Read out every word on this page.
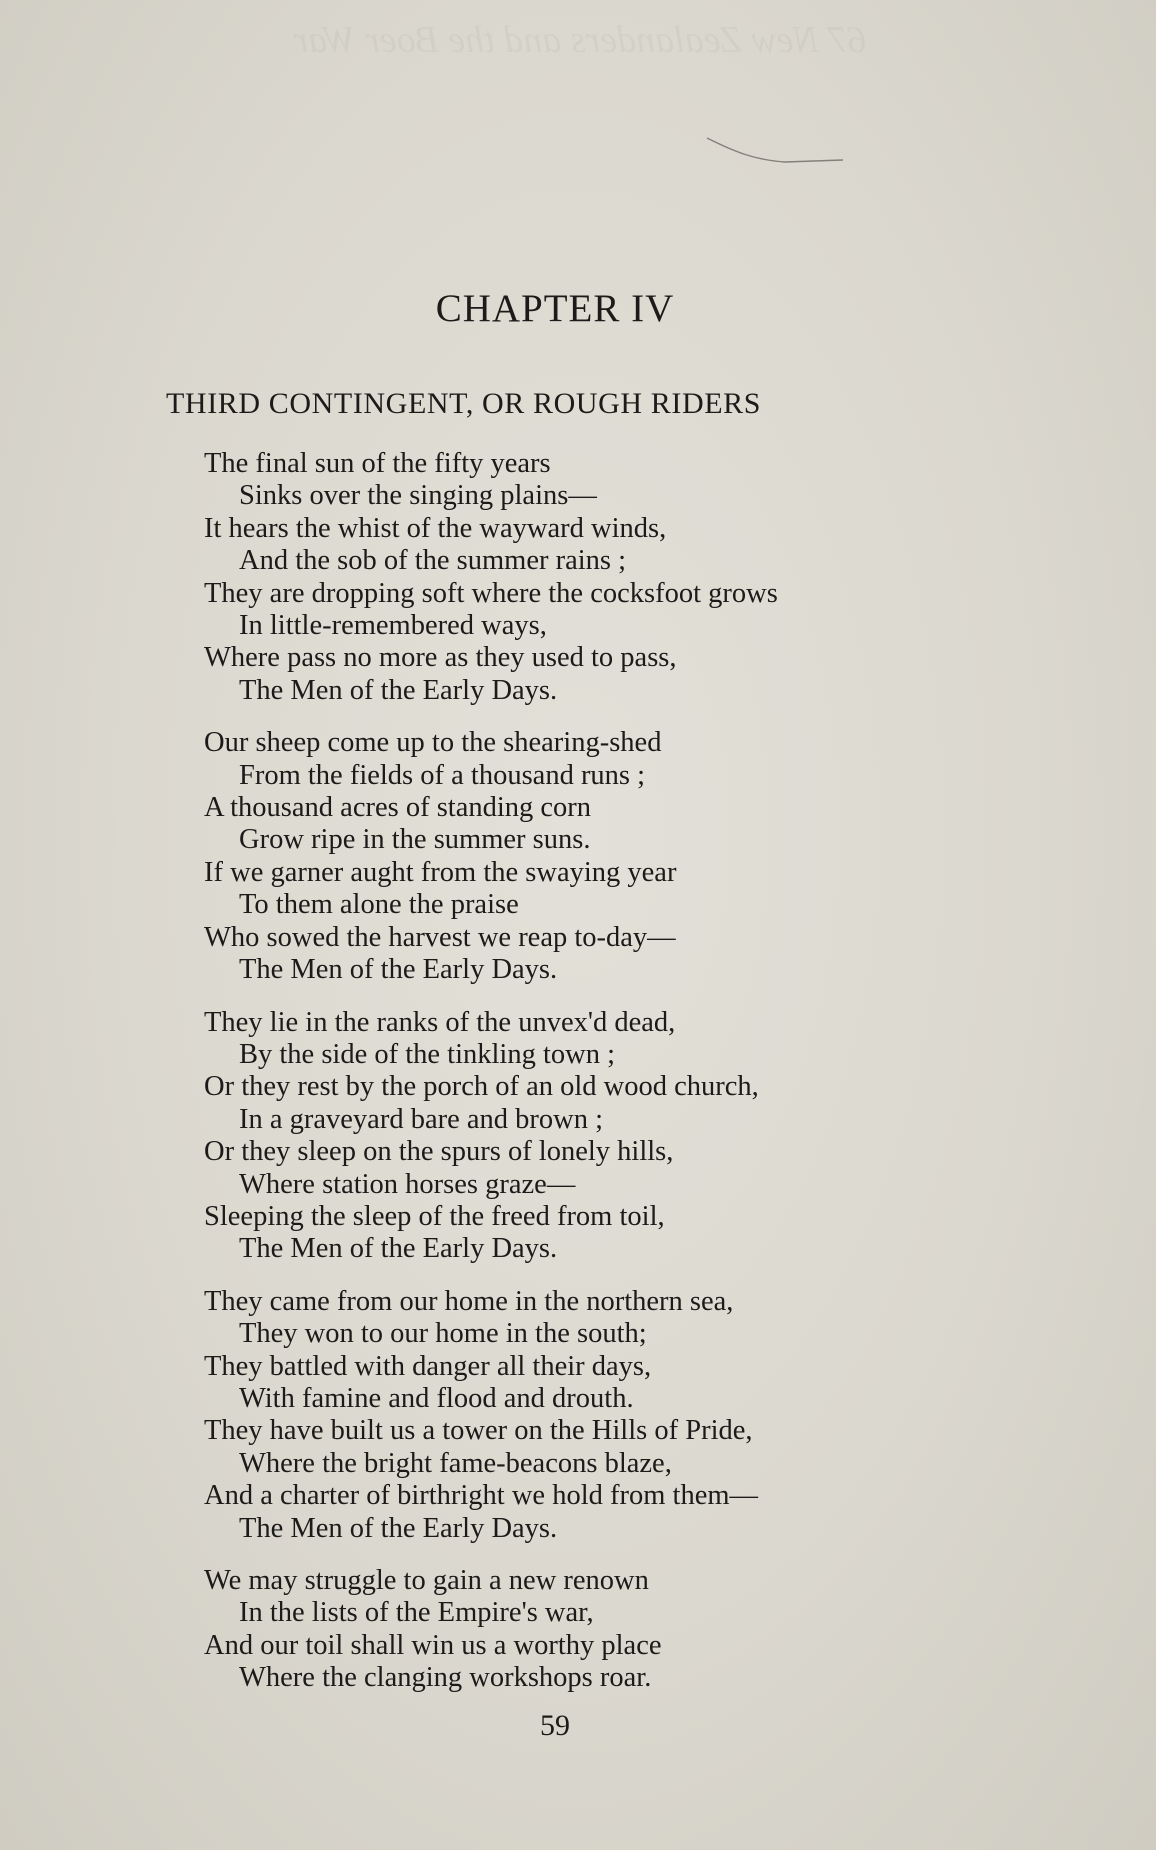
CHAPTER IV
THIRD CONTINGENT, OR ROUGH RIDERS
The final sun of the fifty years
Sinks over the singing plains—
It hears the whist of the wayward winds,
And the sob of the summer rains ;
They are dropping soft where the cocksfoot grows
In little-remembered ways,
Where pass no more as they used to pass,
The Men of the Early Days.
Our sheep come up to the shearing-shed
From the fields of a thousand runs ;
A thousand acres of standing corn
Grow ripe in the summer suns.
If we garner aught from the swaying year
To them alone the praise
Who sowed the harvest we reap to-day—
The Men of the Early Days.
They lie in the ranks of the unvex'd dead,
By the side of the tinkling town ;
Or they rest by the porch of an old wood church,
In a graveyard bare and brown ;
Or they sleep on the spurs of lonely hills,
Where station horses graze—
Sleeping the sleep of the freed from toil,
The Men of the Early Days.
They came from our home in the northern sea,
They won to our home in the south;
They battled with danger all their days,
With famine and flood and drouth.
They have built us a tower on the Hills of Pride,
Where the bright fame-beacons blaze,
And a charter of birthright we hold from them—
The Men of the Early Days.
We may struggle to gain a new renown
In the lists of the Empire's war,
And our toil shall win us a worthy place
Where the clanging workshops roar.
59
